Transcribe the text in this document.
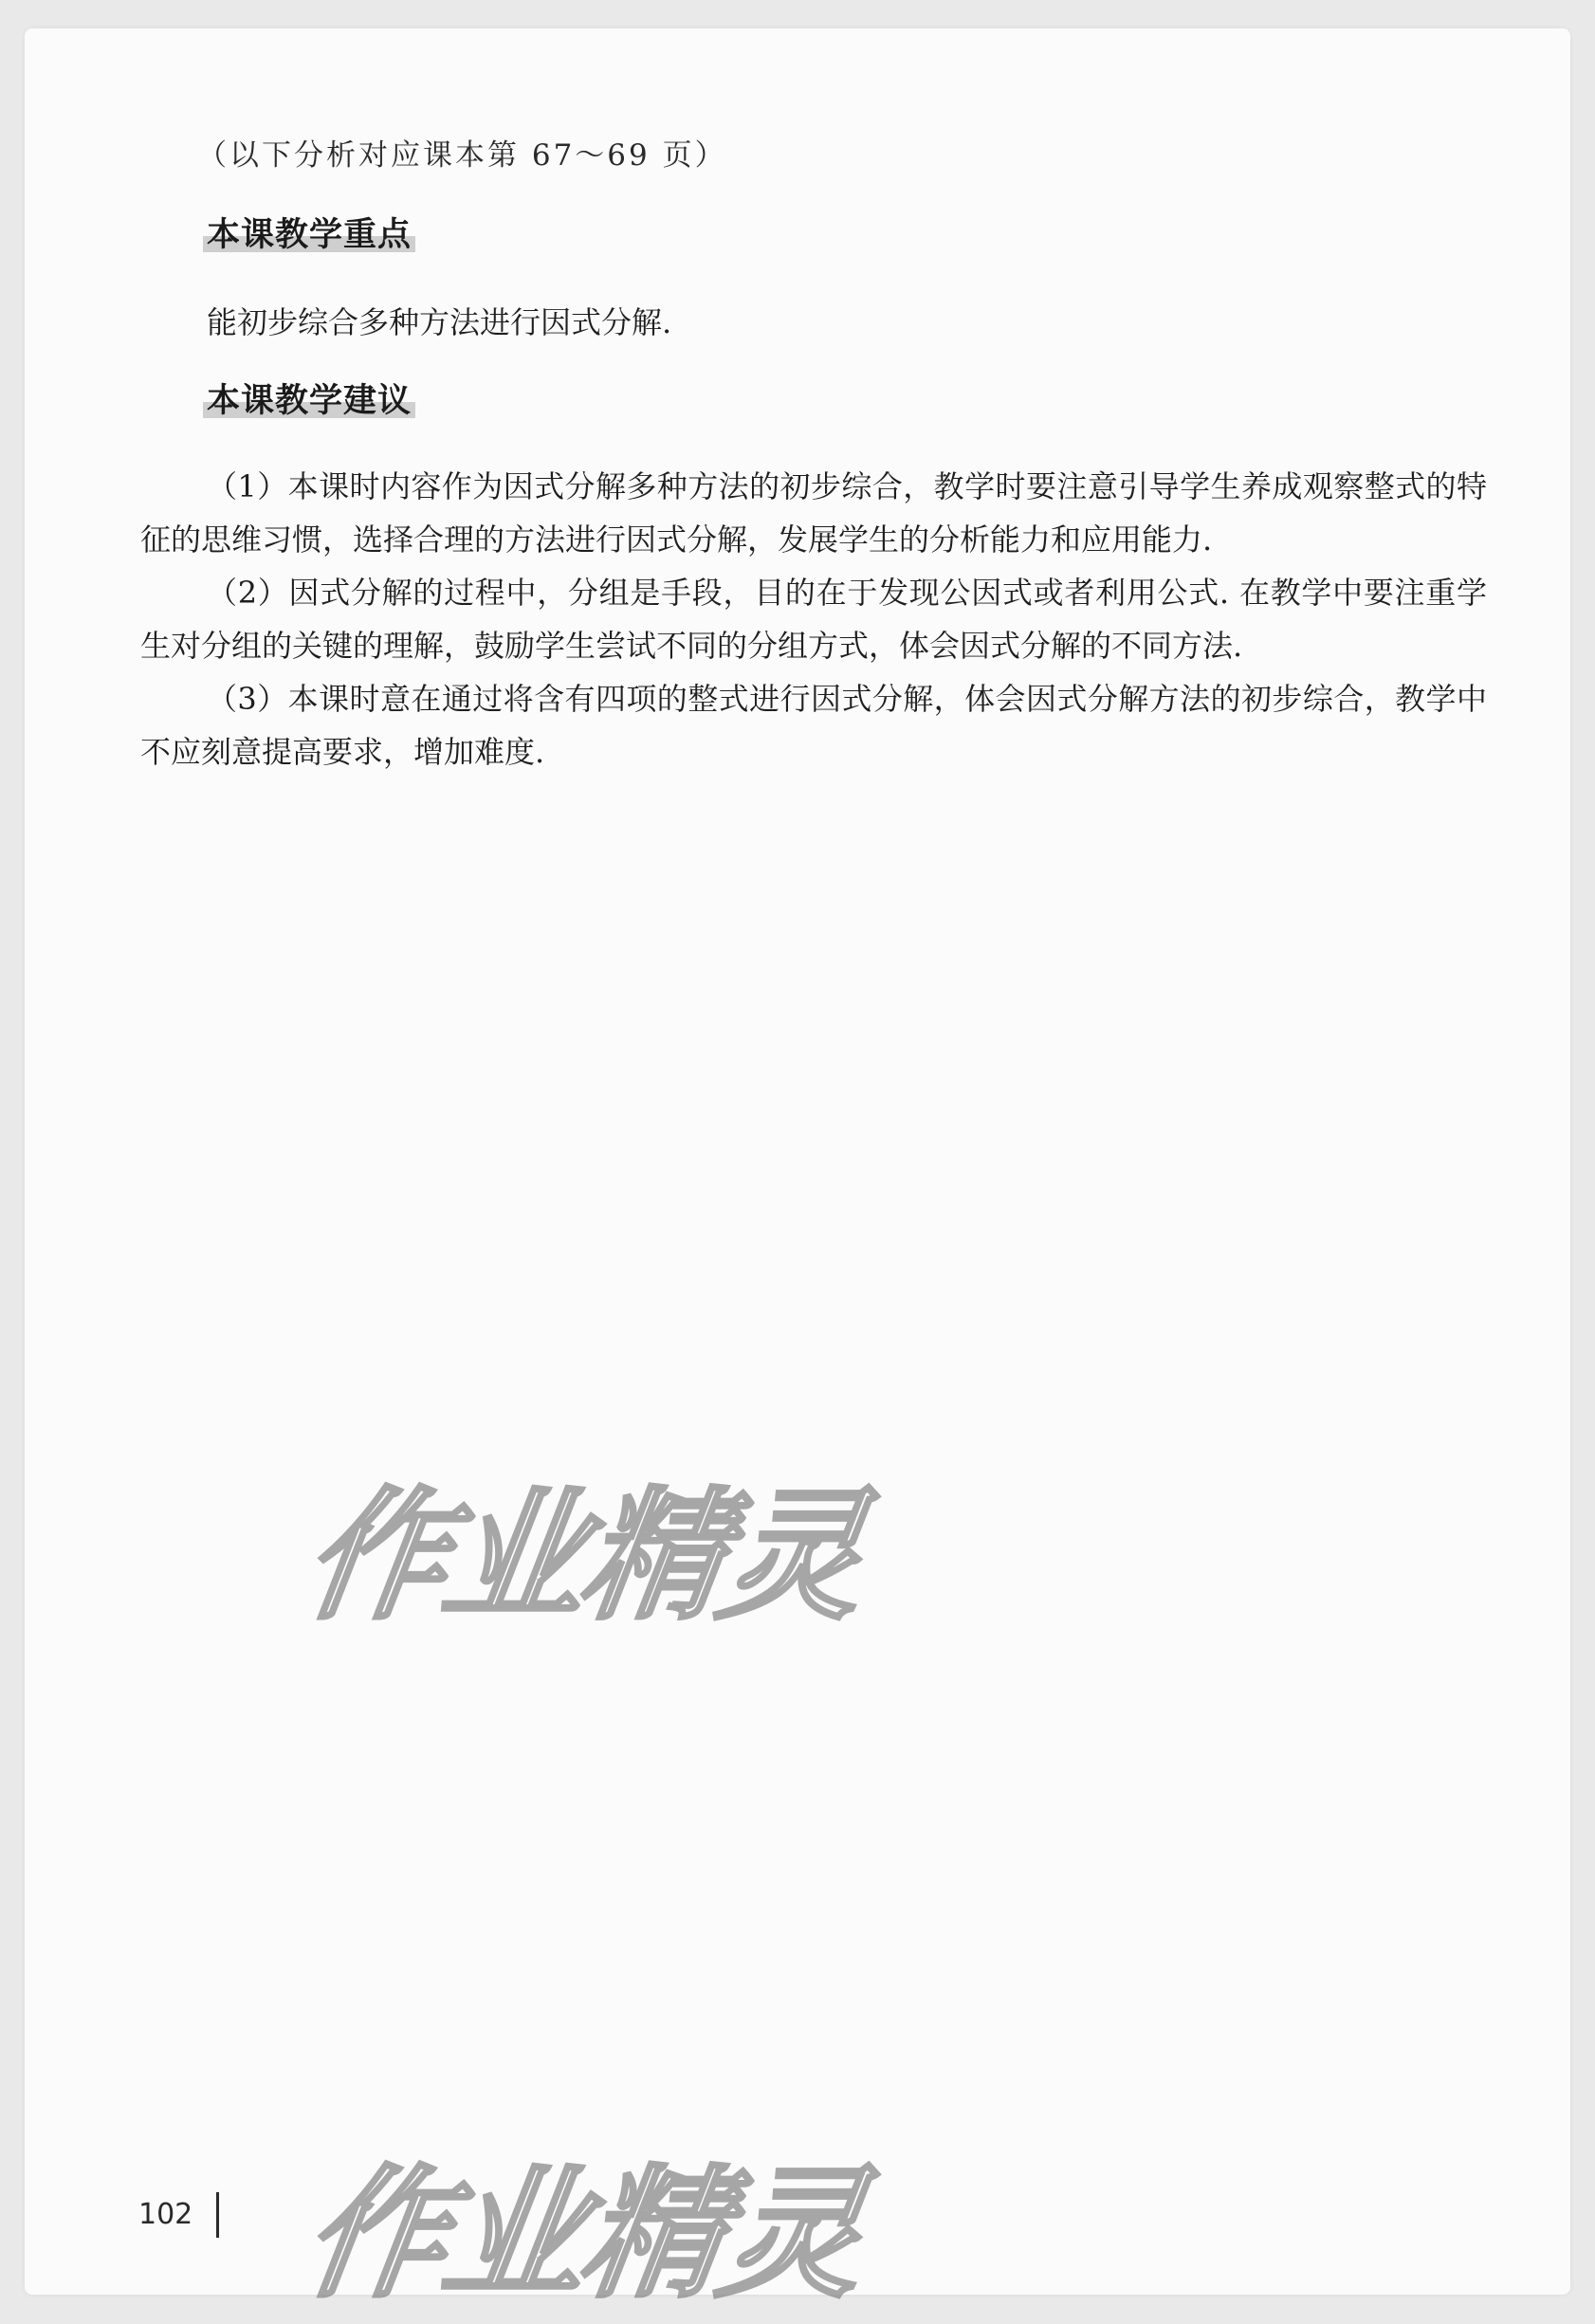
（以下分析对应课本第 67～69 页）
本课教学重点
能初步综合多种方法进行因式分解.
本课教学建议

（1）本课时内容作为因式分解多种方法的初步综合，教学时要注意引导学生养成观察整式的特征的思维习惯，选择合理的方法进行因式分解，发展学生的分析能力和应用能力.

（2）因式分解的过程中，分组是手段，目的在于发现公因式或者利用公式. 在教学中要注重学生对分组的关键的理解，鼓励学生尝试不同的分组方式，体会因式分解的不同方法.

（3）本课时意在通过将含有四项的整式进行因式分解，体会因式分解方法的初步综合，教学中不应刻意提高要求，增加难度.

作业精灵
作业精灵
102
